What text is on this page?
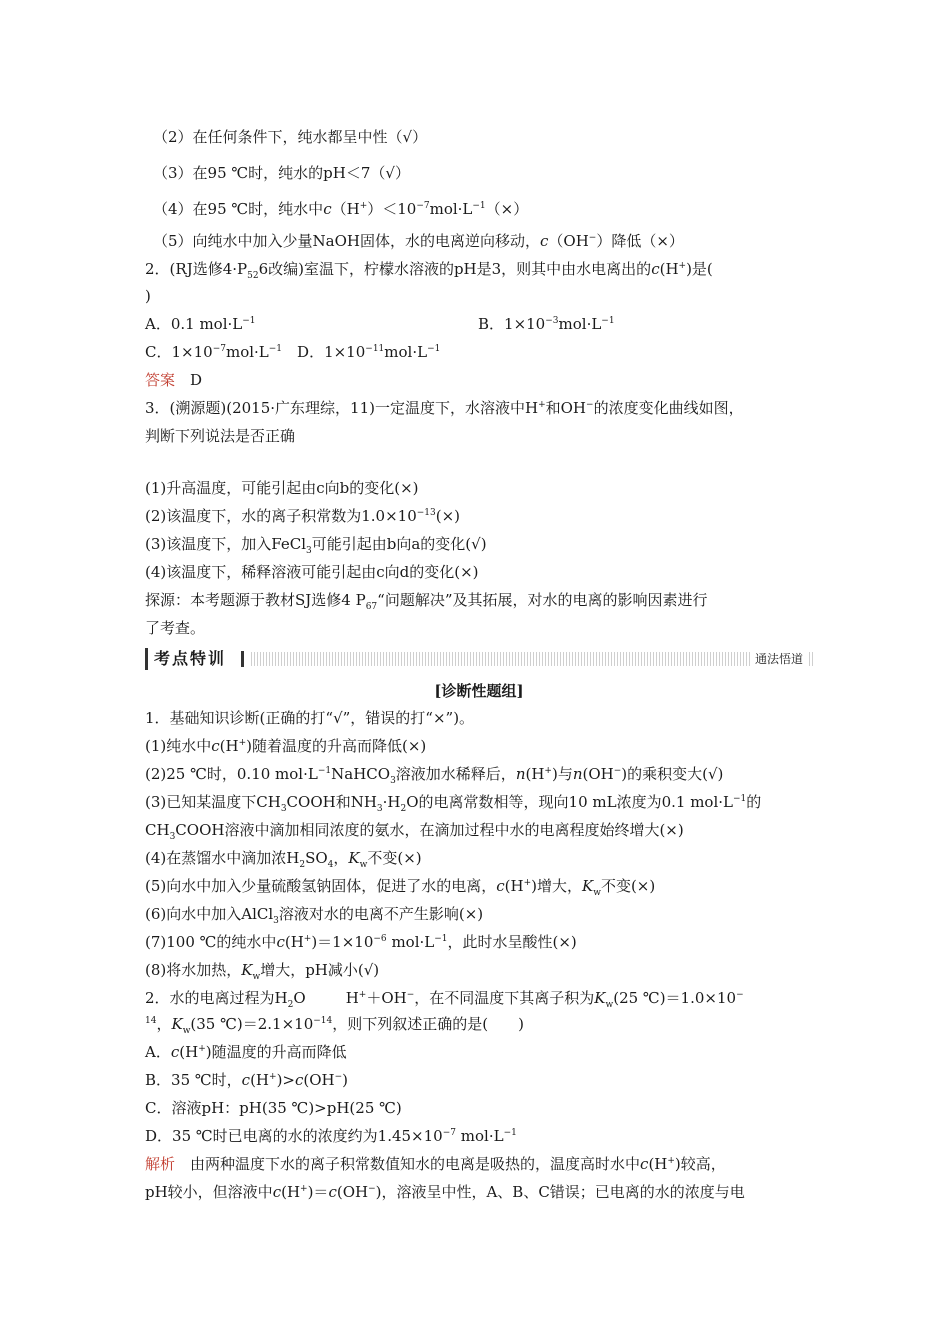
（2）在任何条件下，纯水都呈中性（√）
（3）在95 ℃时，纯水的pH＜7（√）
（4）在95 ℃时，纯水中$c(H^+)<10^{-7}mol\cdot L^{-1}(\times)$
（5）向纯水中加入少量NaOH固体，水的电离逆向移动，c（OH−）降低（×）
2．(RJ选修$4\cdot P_{52}6$改编)室温下，柠檬水溶液的pH是3，则其中由水电离出的c(H+)是(
)
A．0.1 $mol\cdot L^{-1}$	B．$1\times 10^{-3}mol\cdot L^{-1}$
C．$1\times 10^{-7}mol\cdot L^{-1}$　 D．$1\times 10^{-11}mol\cdot L^{-1}$
答案　 D
3．(溯源题)(2015·广东理综，11)一定温度下，水溶液中H+和OH−的浓度变化曲线如图，
判断下列说法是否正确
(1)升高温度，可能引起由c向b的变化(×)
(2)该温度下，水的离子积常数为$1.0\times 10^{-13}(\times)$
(3)该温度下，加入FeCl$_3$可能引起由b向a的变化(√)
(4)该温度下，稀释溶液可能引起由c向d的变化(×)
探源：本考题源于教材SJ选修4 $P_{67}“$问题解决”及其拓展，对水的电离的影响因素进行
了考查。
考点特训	通法悟道
[诊断性题组]
1．基础知识诊断(正确的打“√”，错误的打“×”)。
(1)纯水中c(H+)随着温度的升高而降低(×)
(2)25 ℃时，0.10 $mol\cdot L^{-1}NaHCO_3$溶液加水稀释后，n(H+)与n(OH−)的乘积变大(√)
(3)已知某温度下$CH_3COOH$和$NH_3\cdot H_2O$的电离常数相等，现向10 mL浓度为0.1 $mol\cdot L^{-1}$的
$CH_3COOH$溶液中滴加相同浓度的氨水，在滴加过程中水的电离程度始终增大(×)
(4)在蒸馏水中滴加浓$H_2SO_4$，$K_w$不变(×)
(5)向水中加入少量硫酸氢钠固体，促进了水的电离，c(H+)增大，$K_w$不变(×)
(6)向水中加入AlCl$_3$溶液对水的电离不产生影响(×)
(7)100 ℃的纯水中$c(H^+)=1\times 10^{-6}$ $mol\cdot L^{-1}$，此时水呈酸性(×)
(8)将水加热，$K_w$增大，pH减小(√)
2．水的电离过程为$H_2O$	H+＋OH−，在不同温度下其离子积为$K_w(25$ ℃)＝1.0×10−
$^{14}$，$K_w(35$ $℃)=2.1\times 10^{-14}$，则下列叙述正确的是(　　)
A．c(H+)随温度的升高而降低
B．35 ℃时，c(H+)>c(OH−)
C．溶液pH：pH(35 ℃)>pH(25 ℃)
D．35 ℃时已电离的水的浓度约为$1.45\times 10^{-7}$ $mol\cdot L^{-1}$
解析　由两种温度下水的离子积常数值知水的电离是吸热的，温度高时水中c(H+)较高，
pH较小，但溶液中c(H+)＝c(OH−)，溶液呈中性，A、B、C错误；已电离的水的浓度与电
